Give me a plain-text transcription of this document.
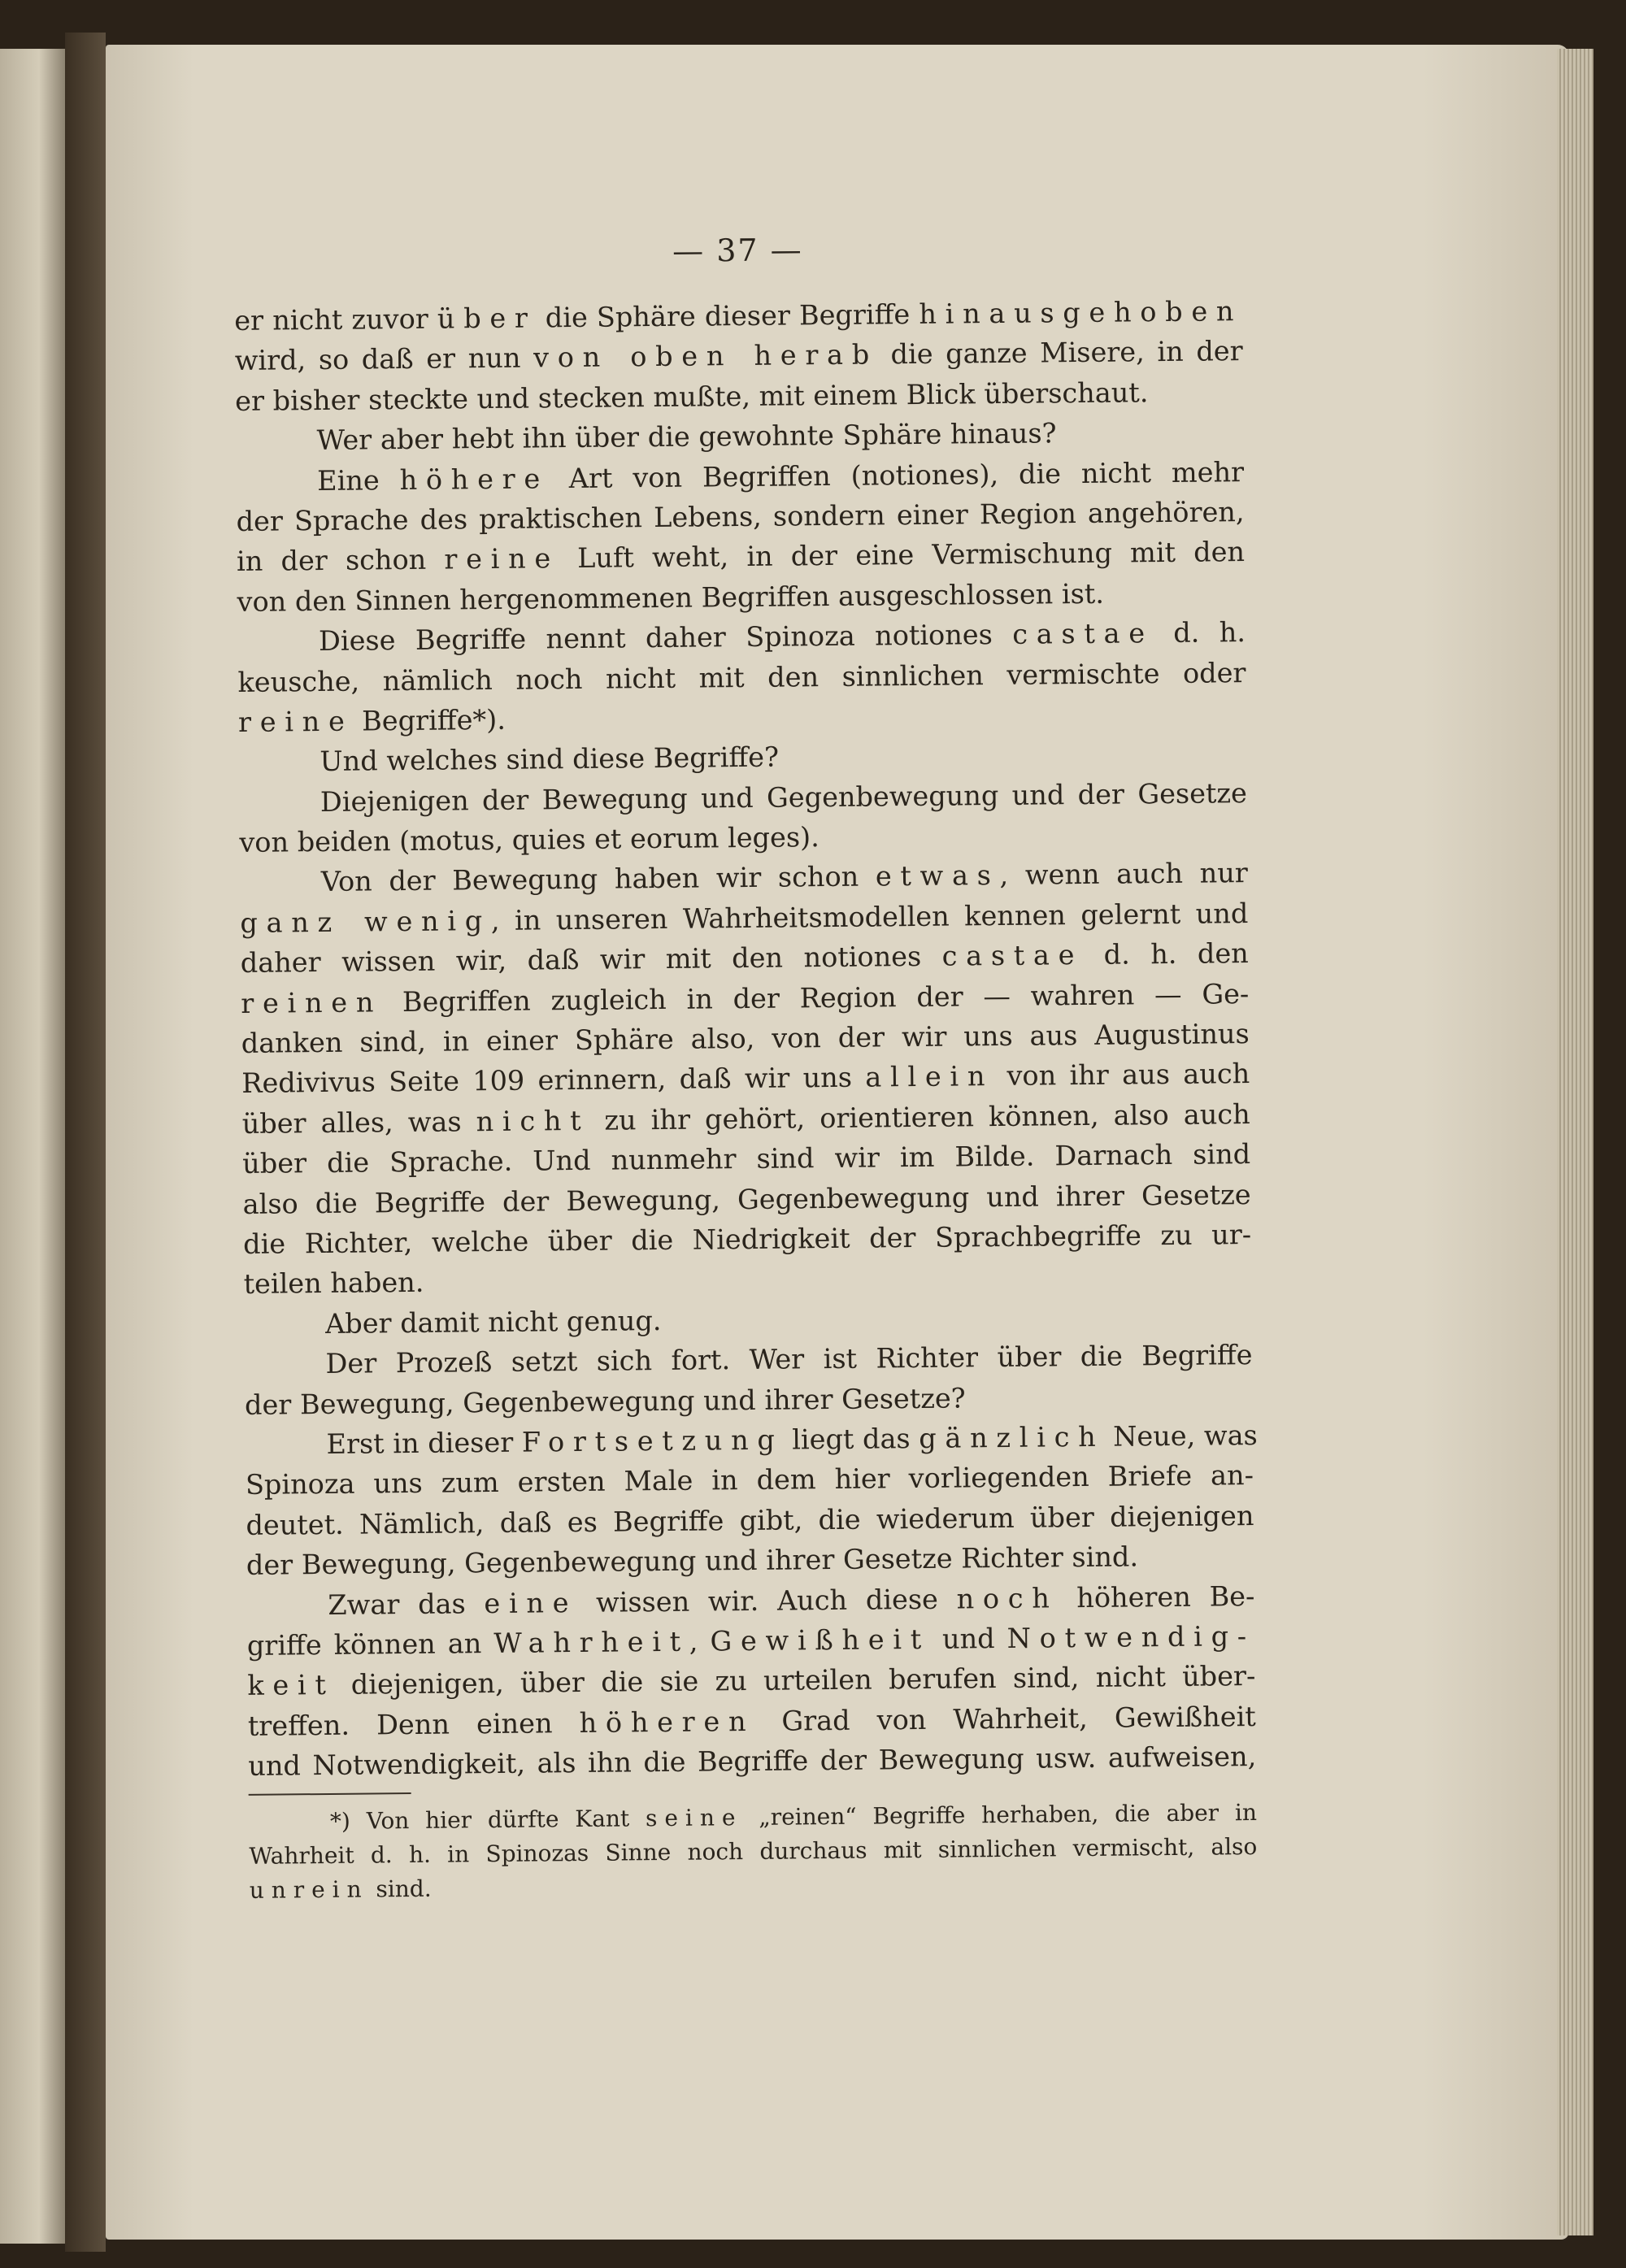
— 37 —
er nicht zuvor über die Sphäre dieser Begriffe hinausgehoben
wird, so daß er nun von oben herab die ganze Misere, in der
er bisher steckte und stecken mußte, mit einem Blick überschaut.
Wer aber hebt ihn über die gewohnte Sphäre hinaus?
Eine höhere Art von Begriffen (notiones), die nicht mehr
der Sprache des praktischen Lebens, sondern einer Region angehören,
in der schon reine Luft weht, in der eine Vermischung mit den
von den Sinnen hergenommenen Begriffen ausgeschlossen ist.
Diese Begriffe nennt daher Spinoza notiones castae d. h.
keusche, nämlich noch nicht mit den sinnlichen vermischte oder
reine Begriffe*).
Und welches sind diese Begriffe?
Diejenigen der Bewegung und Gegenbewegung und der Gesetze
von beiden (motus, quies et eorum leges).
Von der Bewegung haben wir schon etwas, wenn auch nur
ganz wenig, in unseren Wahrheitsmodellen kennen gelernt und
daher wissen wir, daß wir mit den notiones castae d. h. den
reinen Begriffen zugleich in der Region der — wahren — Ge-
danken sind, in einer Sphäre also, von der wir uns aus Augustinus
Redivivus Seite 109 erinnern, daß wir uns allein von ihr aus auch
über alles, was nicht zu ihr gehört, orientieren können, also auch
über die Sprache. Und nunmehr sind wir im Bilde. Darnach sind
also die Begriffe der Bewegung, Gegenbewegung und ihrer Gesetze
die Richter, welche über die Niedrigkeit der Sprachbegriffe zu ur-
teilen haben.
Aber damit nicht genug.
Der Prozeß setzt sich fort. Wer ist Richter über die Begriffe
der Bewegung, Gegenbewegung und ihrer Gesetze?
Erst in dieser Fortsetzung liegt das gänzlich Neue, was
Spinoza uns zum ersten Male in dem hier vorliegenden Briefe an-
deutet. Nämlich, daß es Begriffe gibt, die wiederum über diejenigen
der Bewegung, Gegenbewegung und ihrer Gesetze Richter sind.
Zwar das eine wissen wir. Auch diese noch höheren Be-
griffe können an Wahrheit, Gewißheit und Notwendig-
keit diejenigen, über die sie zu urteilen berufen sind, nicht über-
treffen. Denn einen höheren Grad von Wahrheit, Gewißheit
und Notwendigkeit, als ihn die Begriffe der Bewegung usw. aufweisen,
*) Von hier dürfte Kant seine „reinen“ Begriffe herhaben, die aber in
Wahrheit d. h. in Spinozas Sinne noch durchaus mit sinnlichen vermischt, also
unrein sind.
